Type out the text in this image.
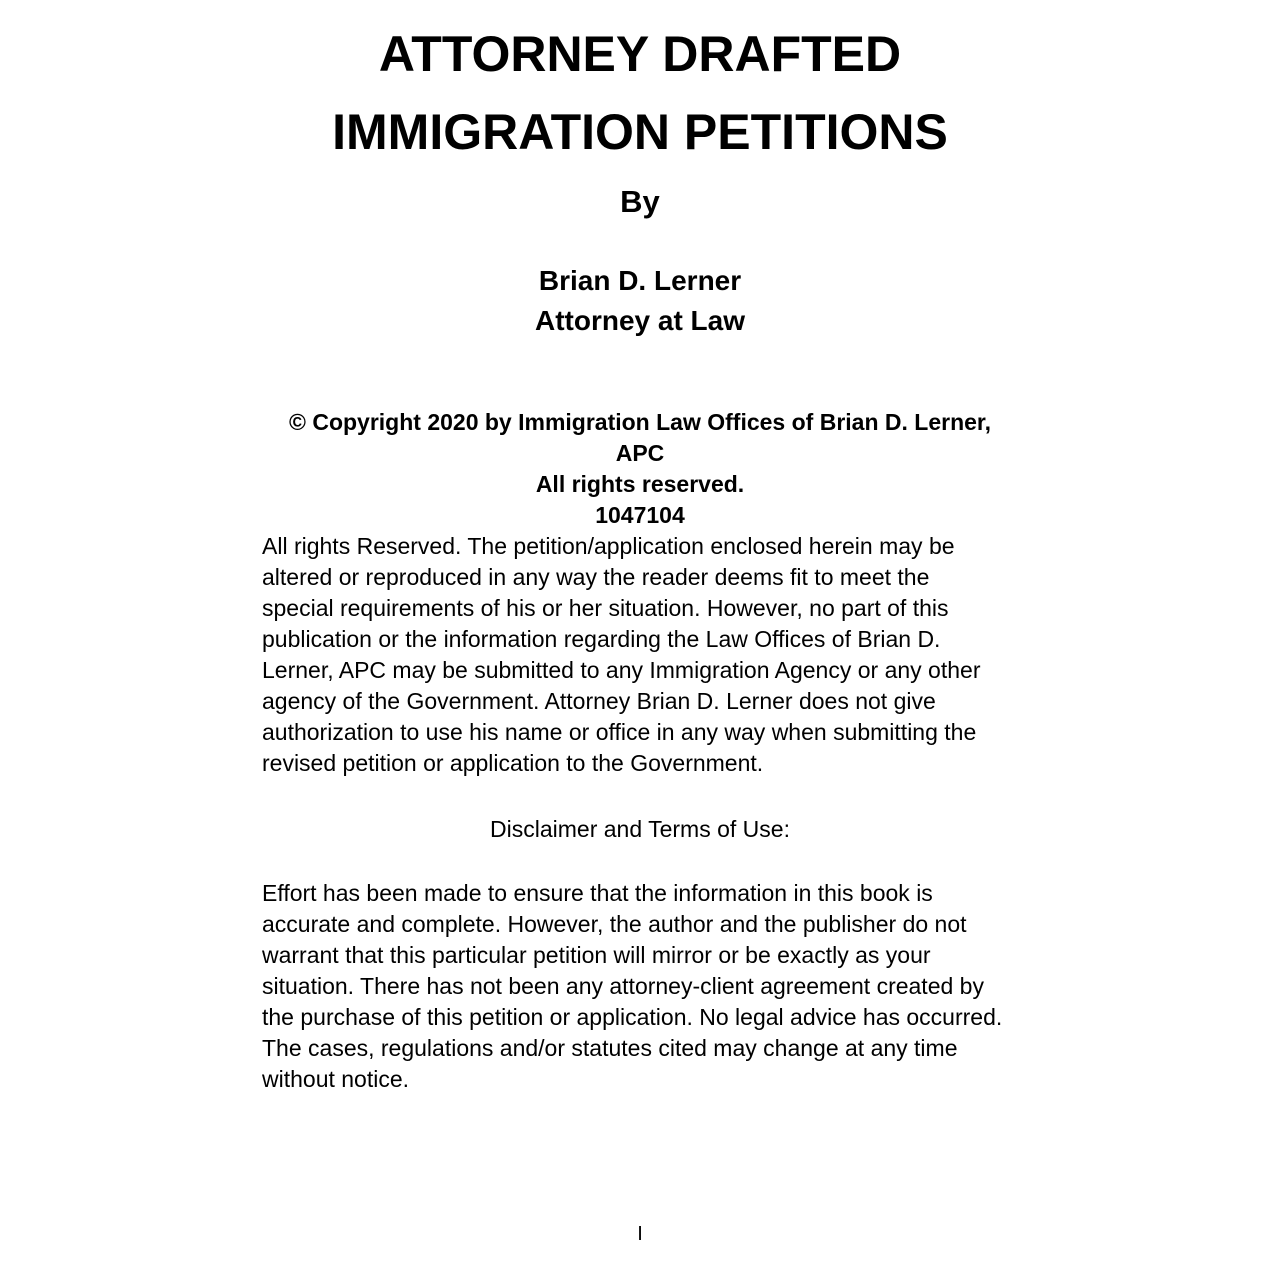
ATTORNEY DRAFTED
IMMIGRATION PETITIONS
By
Brian D. Lerner
Attorney at Law
© Copyright 2020 by Immigration Law Offices of Brian D. Lerner,
APC
All rights reserved.
1047104

All rights Reserved. The petition/application enclosed herein may be
altered or reproduced in any way the reader deems fit to meet the
special requirements of his or her situation. However, no part of this
publication or the information regarding the Law Offices of Brian D.
Lerner, APC may be submitted to any Immigration Agency or any other
agency of the Government. Attorney Brian D. Lerner does not give
authorization to use his name or office in any way when submitting the
revised petition or application to the Government.

Disclaimer and Terms of Use:

Effort has been made to ensure that the information in this book is
accurate and complete. However, the author and the publisher do not
warrant that this particular petition will mirror or be exactly as your
situation. There has not been any attorney-client agreement created by
the purchase of this petition or application. No legal advice has occurred.
The cases, regulations and/or statutes cited may change at any time
without notice.

I
